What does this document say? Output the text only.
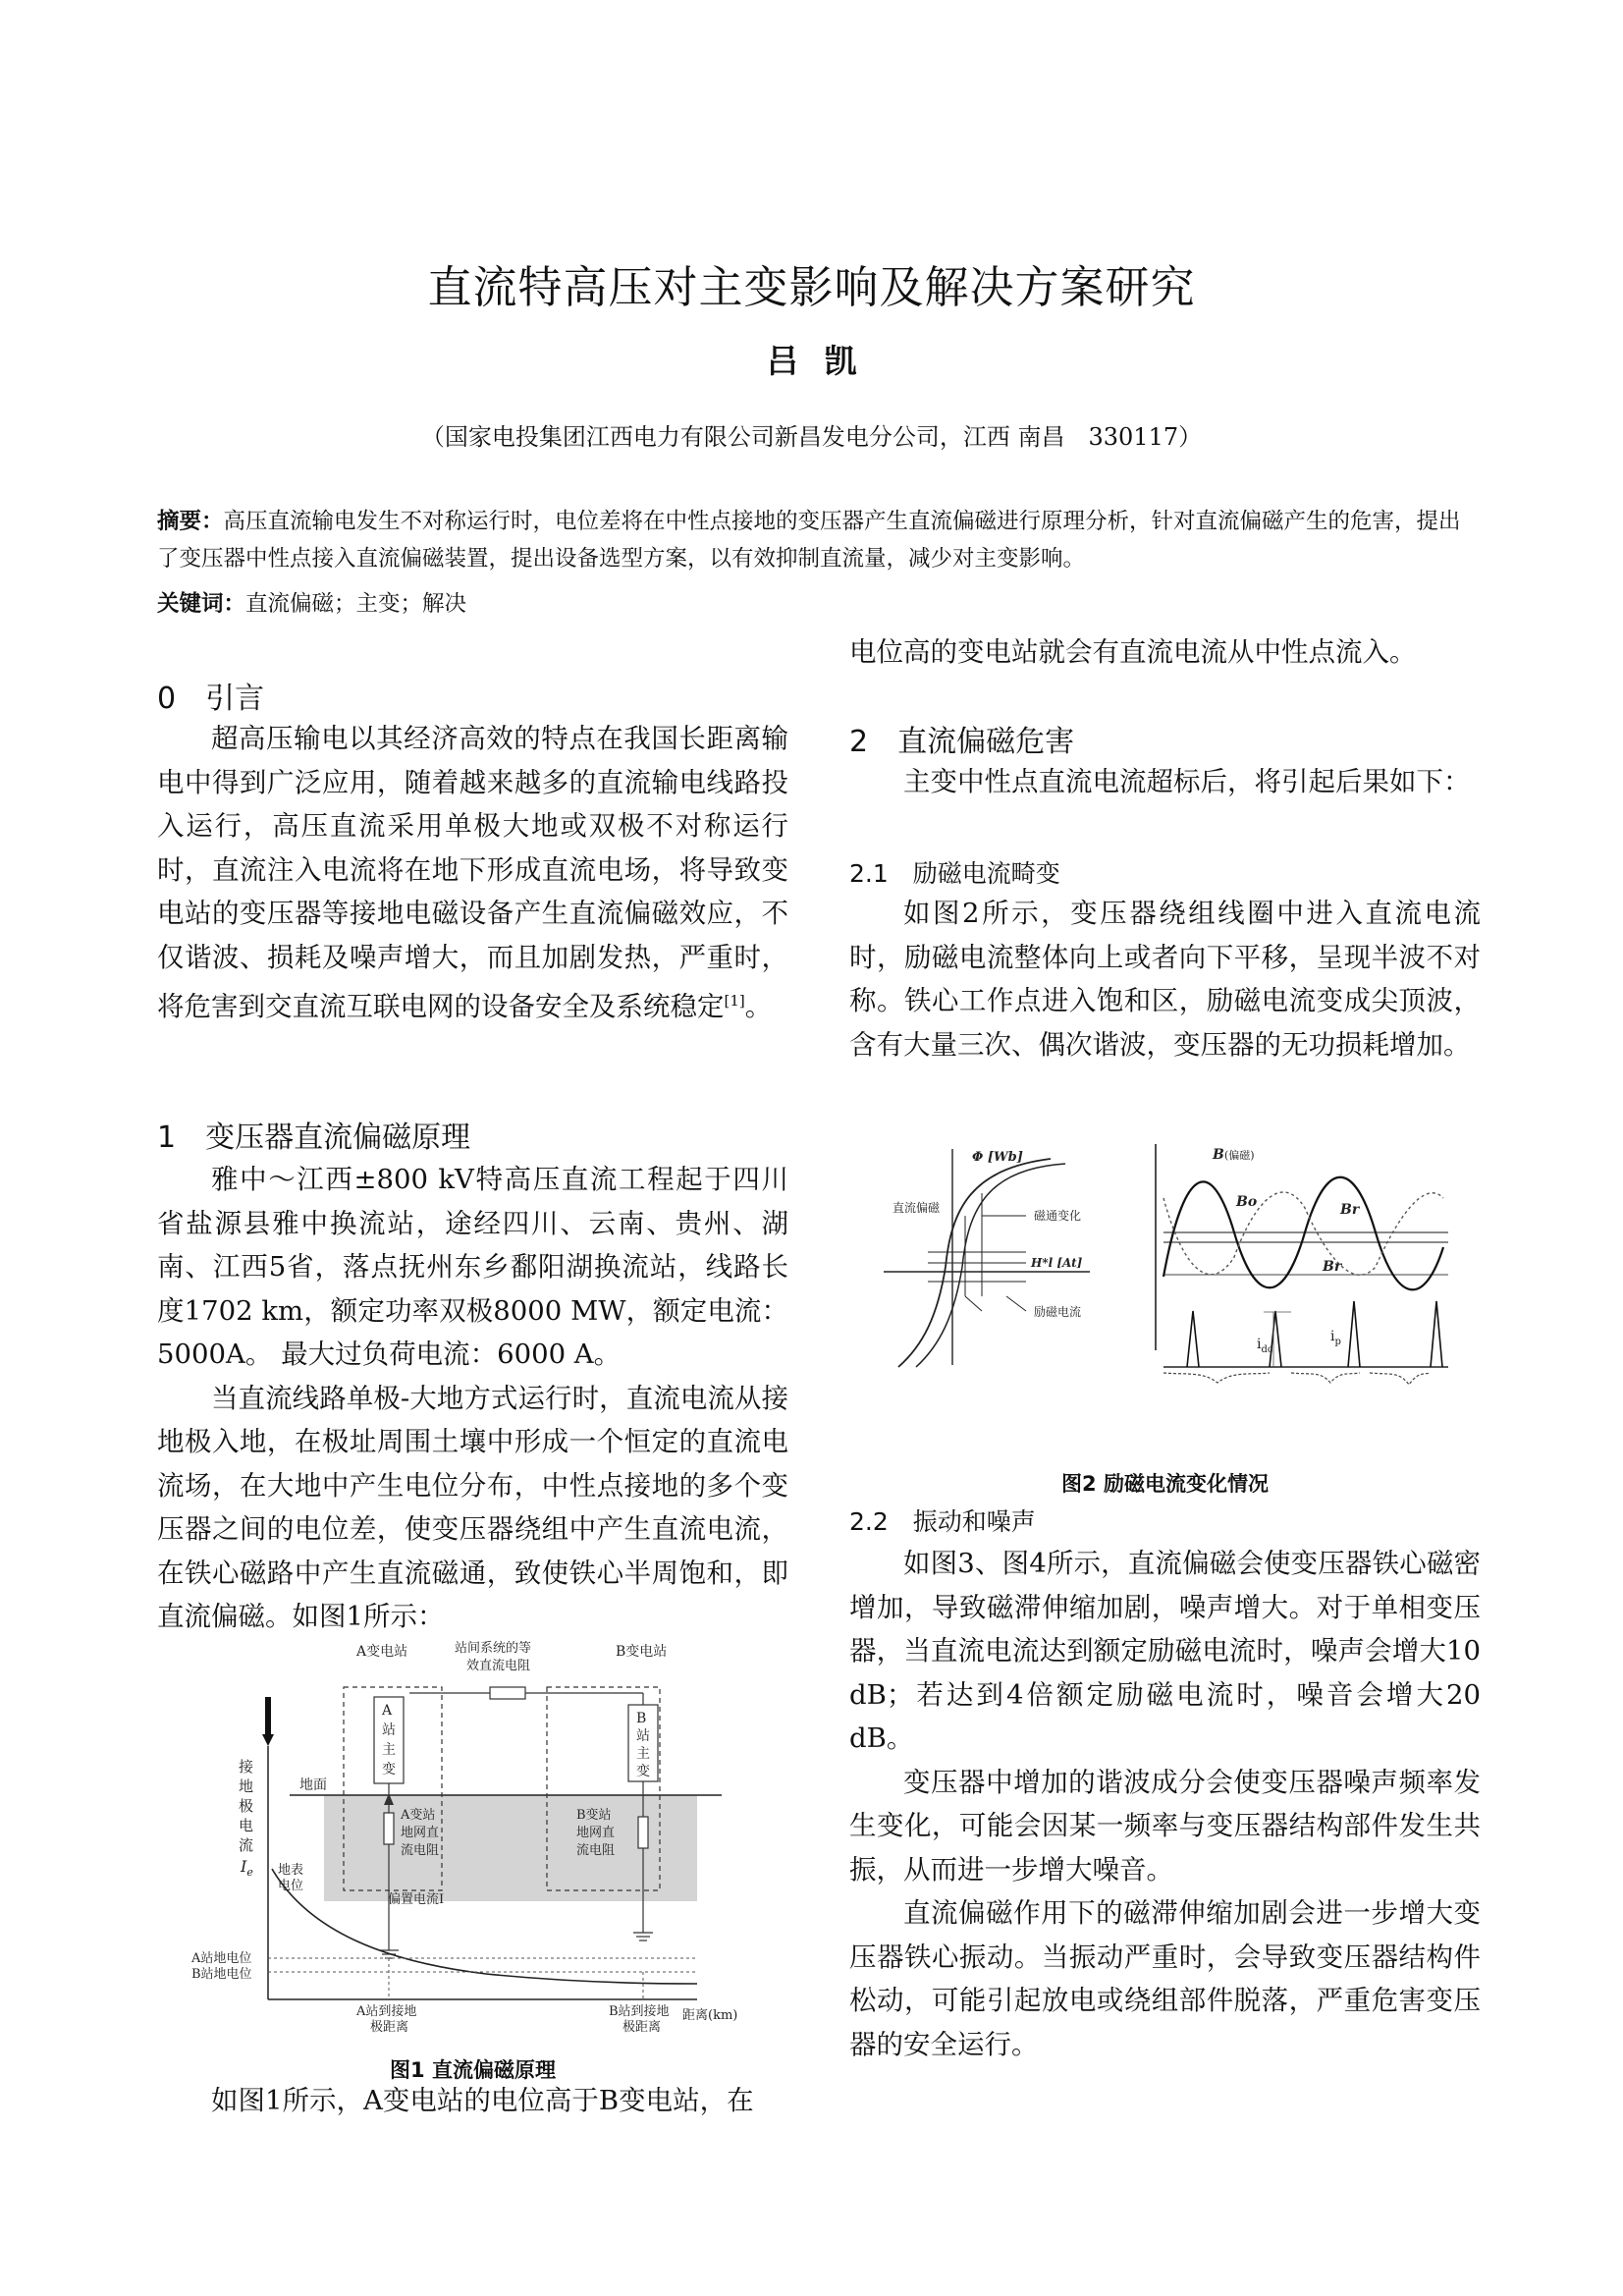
直流特高压对主变影响及解决方案研究
吕凯
（国家电投集团江西电力有限公司新昌发电分公司，江西 南昌　330117）
摘要：高压直流输电发生不对称运行时，电位差将在中性点接地的变压器产生直流偏磁进行原理分析，针对直流偏磁产生的危害，提出了变压器中性点接入直流偏磁装置，提出设备选型方案，以有效抑制直流量，减少对主变影响。
关键词：直流偏磁；主变；解决
0　引言

超高压输电以其经济高效的特点在我国长距离输电中得到广泛应用，随着越来越多的直流输电线路投入运行，高压直流采用单极大地或双极不对称运行时，直流注入电流将在地下形成直流电场，将导致变电站的变压器等接地电磁设备产生直流偏磁效应，不仅谐波、损耗及噪声增大，而且加剧发热，严重时，将危害到交直流互联电网的设备安全及系统稳定[1]。

1　变压器直流偏磁原理

雅中～江西±800 kV特高压直流工程起于四川省盐源县雅中换流站，途经四川、云南、贵州、湖南、江西5省，落点抚州东乡鄱阳湖换流站，线路长度1702 km，额定功率双极8000 MW，额定电流：5000A。 最大过负荷电流：6000 A。

当直流线路单极-大地方式运行时，直流电流从接地极入地，在极址周围土壤中形成一个恒定的直流电流场，在大地中产生电位分布，中性点接地的多个变压器之间的电位差，使变压器绕组中产生直流电流，在铁心磁路中产生直流磁通，致使铁心半周饱和，即直流偏磁。如图1所示：

A变电站	B变电站
站间系统的等
效直流电阻
A
站
主
变
B
站
主
变
地面
接
地
极
电
流
$I_e$ 地表
电位
A变站
地网直
流电阻
B变站
地网直
流电阻
偏置电流I
A站地电位
B站地电位
A站到接地
极距离
B站到接地
极距离
距离(km)
图1 直流偏磁原理

如图1所示，A变电站的电位高于B变电站，在

电位高的变电站就会有直流电流从中性点流入。

2　直流偏磁危害

主变中性点直流电流超标后，将引起后果如下：

2.1　励磁电流畸变

如图2所示，变压器绕组线圈中进入直流电流时，励磁电流整体向上或者向下平移，呈现半波不对称。铁心工作点进入饱和区，励磁电流变成尖顶波，含有大量三次、偶次谐波，变压器的无功损耗增加。

Φ [Wb]
直流偏磁
磁通变化
H*l [At]
励磁电流
B (偏磁)
Bo	Br
Br
$i_{dc}$
$i_p$
图2 励磁电流变化情况
2.2　振动和噪声

如图3、图4所示，直流偏磁会使变压器铁心磁密增加，导致磁滞伸缩加剧，噪声增大。对于单相变压器，当直流电流达到额定励磁电流时，噪声会增大10 dB；若达到4倍额定励磁电流时，噪音会增大20 dB。

变压器中增加的谐波成分会使变压器噪声频率发生变化，可能会因某一频率与变压器结构部件发生共振，从而进一步增大噪音。

直流偏磁作用下的磁滞伸缩加剧会进一步增大变压器铁心振动。当振动严重时，会导致变压器结构件松动，可能引起放电或绕组部件脱落，严重危害变压器的安全运行。
